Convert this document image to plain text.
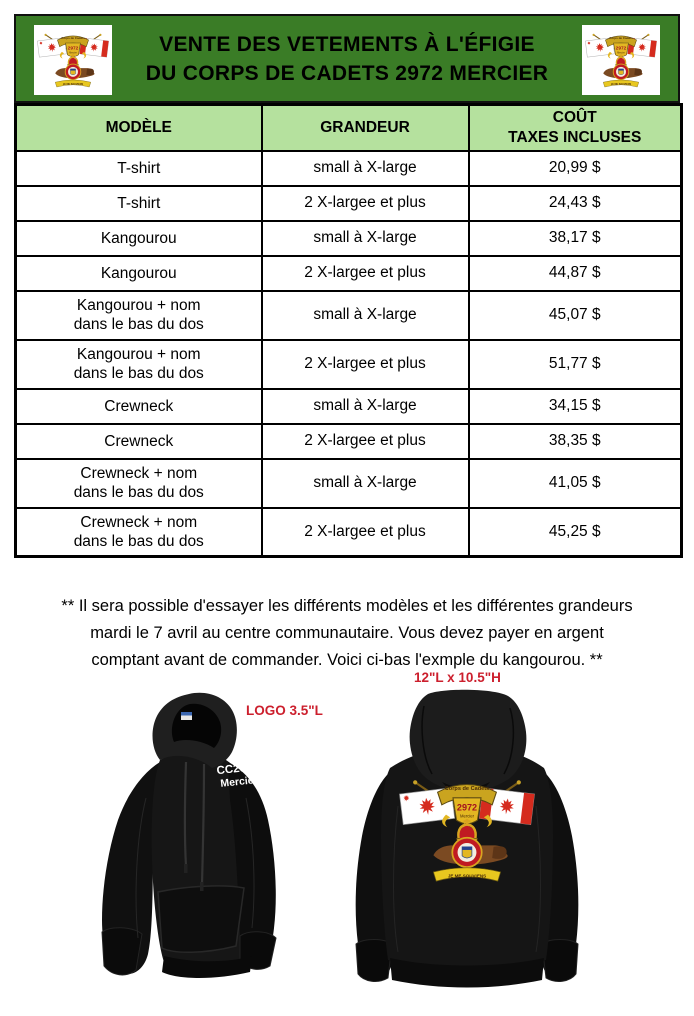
VENTE DES VETEMENTS À L'ÉFIGIE
DU CORPS DE CADETS 2972 MERCIER
MODÈLE	GRANDEUR	COÛT
TAXES INCLUSES

T-shirt	small à X-large	20,99 $

T-shirt	2 X-largee et plus	24,43 $

Kangourou	small à X-large	38,17 $

Kangourou	2 X-largee et plus	44,87 $

Kangourou + nom dans le bas du dos	small à X-large	45,07 $

Kangourou + nom dans le bas du dos	2 X-largee et plus	51,77 $

Crewneck	small à X-large	34,15 $

Crewneck	2 X-largee et plus	38,35 $

Crewneck + nom dans le bas du dos	small à X-large	41,05 $

Crewneck + nom dans le bas du dos	2 X-largee et plus	45,25 $
** Il sera possible d'essayer les différents modèles et les différentes grandeurs
mardi le 7 avril au centre communautaire. Vous devez payer en argent
comptant avant de commander. Voici ci-bas l'exmple du kangourou. **
CC2972
Mercier
LOGO 3.5"L
12"L x 10.5"H
